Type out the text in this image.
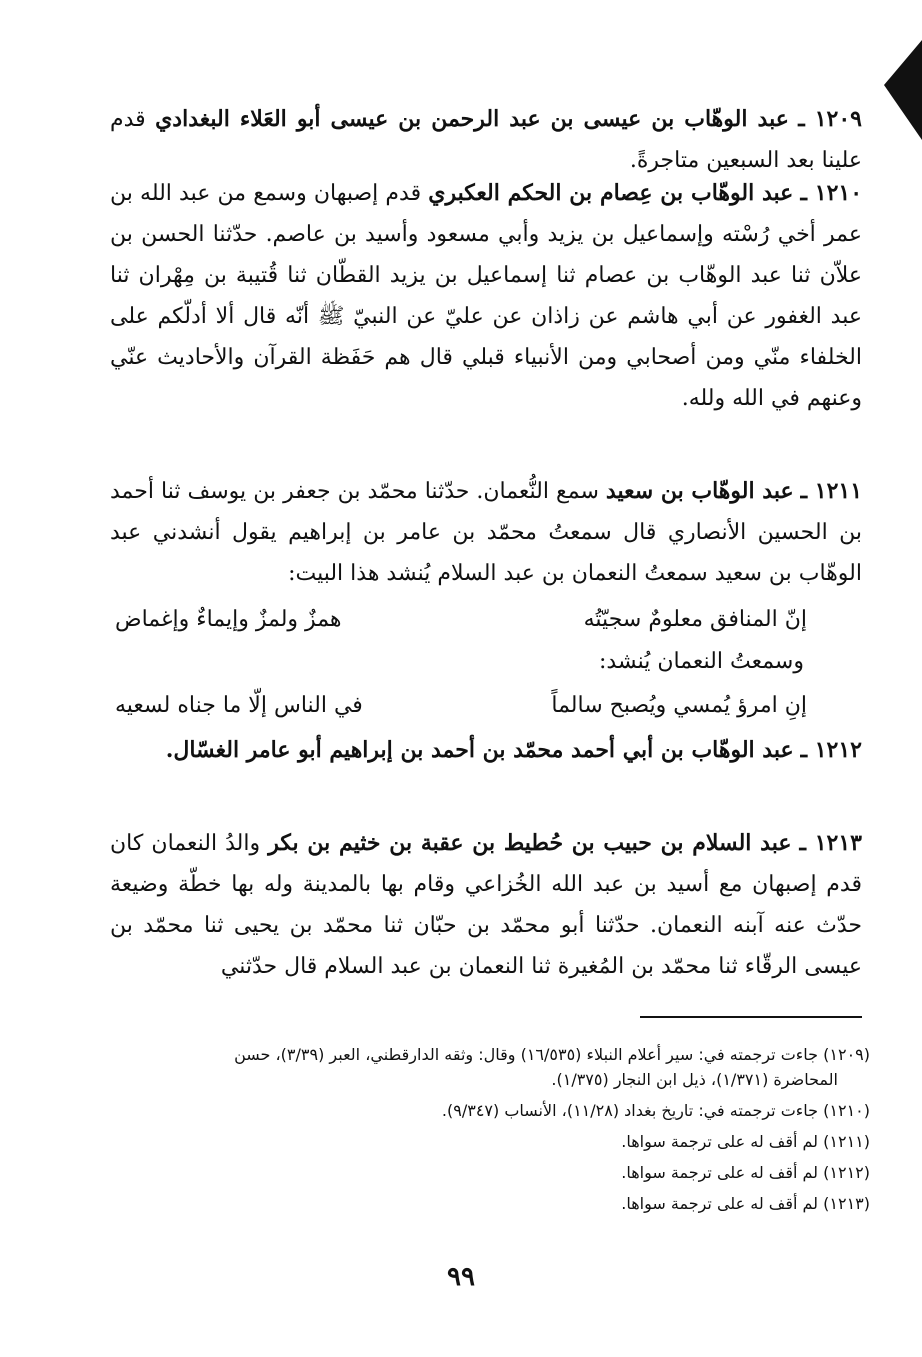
١٢٠٩ ـ عبد الوهّاب بن عيسى بن عبد الرحمن بن عيسى أبو العَلاء البغدادي قدم علينا بعد السبعين متاجرةً.
١٢١٠ ـ عبد الوهّاب بن عِصام بن الحكم العكبري قدم إصبهان وسمع من عبد الله بن عمر أخي رُسْته وإسماعيل بن يزيد وأبي مسعود وأسيد بن عاصم. حدّثنا الحسن بن علاّن ثنا عبد الوهّاب بن عصام ثنا إسماعيل بن يزيد القطّان ثنا قُتيبة بن مِهْران ثنا عبد الغفور عن أبي هاشم عن زاذان عن عليّ عن النبيّ ﷺ أنّه قال ألا أدلّكم على الخلفاء منّي ومن أصحابي ومن الأنبياء قبلي قال هم حَفَظة القرآن والأحاديث عنّي وعنهم في الله ولله.
١٢١١ ـ عبد الوهّاب بن سعيد سمع النُّعمان. حدّثنا محمّد بن جعفر بن يوسف ثنا أحمد بن الحسين الأنصاري قال سمعتُ محمّد بن عامر بن إبراهيم يقول أنشدني عبد الوهّاب بن سعيد سمعتُ النعمان بن عبد السلام يُنشد هذا البيت:
إنّ المنافق معلومٌ سجيّتُه
همزٌ ولمزٌ وإيماءٌ وإغماض
وسمعتُ النعمان يُنشد:
إنِ امرؤ يُمسي ويُصبح سالماً
في الناس إلّا ما جناه لسعيه
١٢١٢ ـ عبد الوهّاب بن أبي أحمد محمّد بن أحمد بن إبراهيم أبو عامر الغسّال.
١٢١٣ ـ عبد السلام بن حبيب بن حُطيط بن عقبة بن خثيم بن بكر والدُ النعمان كان قدم إصبهان مع أسيد بن عبد الله الخُزاعي وقام بها بالمدينة وله بها خطّة وضيعة حدّث عنه آبنه النعمان. حدّثنا أبو محمّد بن حبّان ثنا محمّد بن يحيى ثنا محمّد بن عيسى الرقّاء ثنا محمّد بن المُغيرة ثنا النعمان بن عبد السلام قال حدّثني
(١٢٠٩) جاءت ترجمته في: سير أعلام النبلاء (١٦/٥٣٥) وقال: وثقه الدارقطني، العبر (٣/٣٩)، حسن
المحاضرة (١/٣٧١)، ذيل ابن النجار (١/٣٧٥).
(١٢١٠) جاءت ترجمته في: تاريخ بغداد (١١/٢٨)، الأنساب (٩/٣٤٧).
(١٢١١) لم أقف له على ترجمة سواها.
(١٢١٢) لم أقف له على ترجمة سواها.
(١٢١٣) لم أقف له على ترجمة سواها.
٩٩
